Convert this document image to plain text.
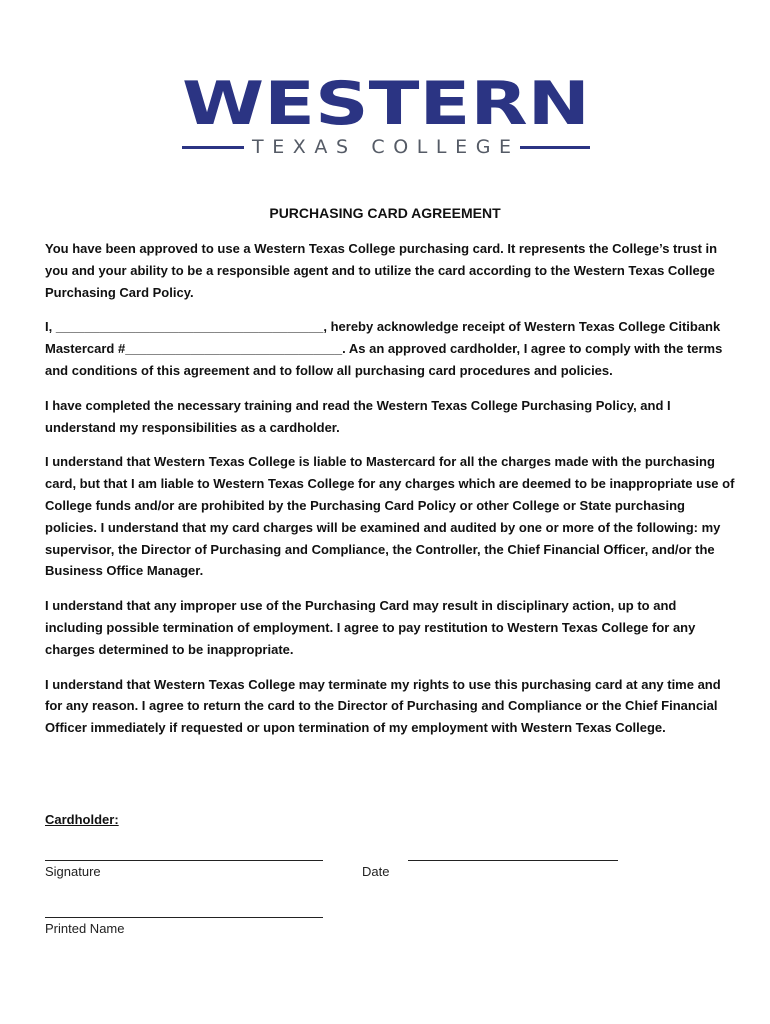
WESTERN
TEXAS COLLEGE
PURCHASING CARD AGREEMENT

You have been approved to use a Western Texas College purchasing card. It represents the College’s trust in you and your ability to be a responsible agent and to utilize the card according to the Western Texas College Purchasing Card Policy.

I, _____________________________________, hereby acknowledge receipt of Western Texas College Citibank Mastercard #______________________________. As an approved cardholder, I agree to comply with the terms and conditions of this agreement and to follow all purchasing card procedures and policies.

I have completed the necessary training and read the Western Texas College Purchasing Policy, and I understand my responsibilities as a cardholder.

I understand that Western Texas College is liable to Mastercard for all the charges made with the purchasing card, but that I am liable to Western Texas College for any charges which are deemed to be inappropriate use of College funds and/or are prohibited by the Purchasing Card Policy or other College or State purchasing policies. I understand that my card charges will be examined and audited by one or more of the following: my supervisor, the Director of Purchasing and Compliance, the Controller, the Chief Financial Officer, and/or the Business Office Manager.

I understand that any improper use of the Purchasing Card may result in disciplinary action, up to and including possible termination of employment. I agree to pay restitution to Western Texas College for any charges determined to be inappropriate.

I understand that Western Texas College may terminate my rights to use this purchasing card at any time and for any reason. I agree to return the card to the Director of Purchasing and Compliance or the Chief Financial Officer immediately if requested or upon termination of my employment with Western Texas College.

Cardholder:
Signature	Date
Printed Name
